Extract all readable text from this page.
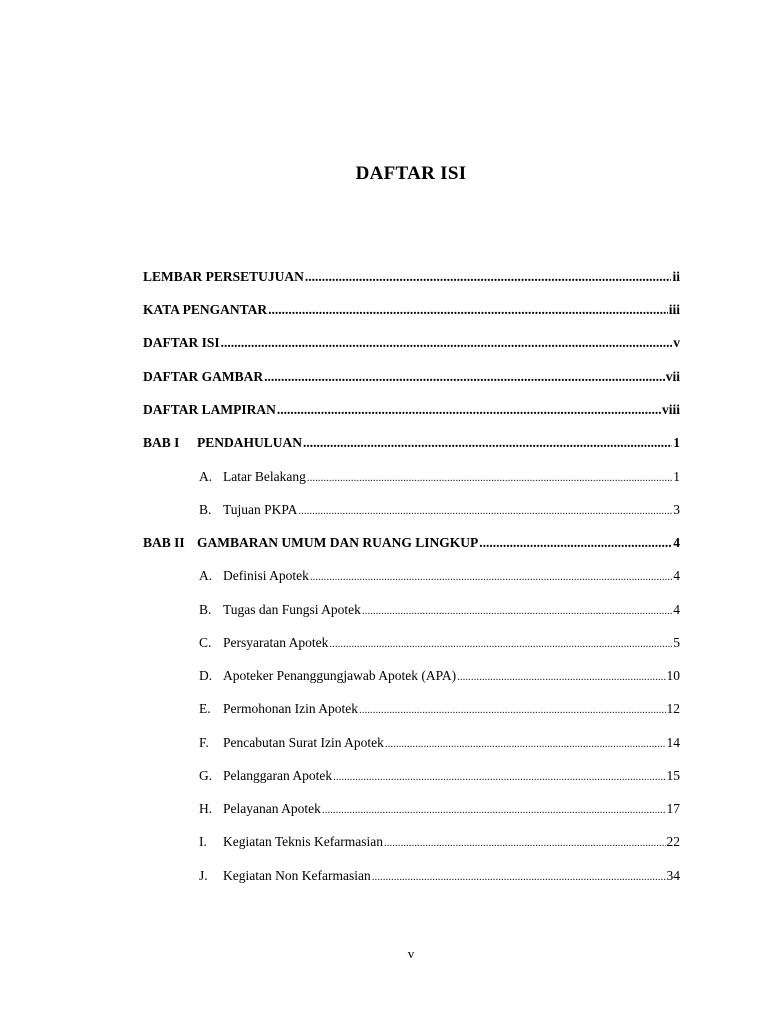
DAFTAR ISI
LEMBAR PERSETUJUAN .....	ii
KATA PENGANTAR .....	iii
DAFTAR ISI .....	v
DAFTAR GAMBAR .....	vii
DAFTAR LAMPIRAN .....	viii
BAB I	PENDAHULUAN .....	1
A. Latar Belakang .....	1
B. Tujuan PKPA .....	3
BAB II GAMBARAN UMUM DAN RUANG LINGKUP .....	4
A. Definisi Apotek .....	4
B. Tugas dan Fungsi Apotek .....	4
C. Persyaratan Apotek .....	5
D. Apoteker Penanggungjawab Apotek (APA) .....	10
E. Permohonan Izin Apotek .....	12
F.	Pencabutan Surat Izin Apotek .....	14
G. Pelanggaran Apotek .....	15
H. Pelayanan Apotek .....	17
I.	Kegiatan Teknis Kefarmasian .....	22
J.	Kegiatan Non Kefarmasian .....	34
v
